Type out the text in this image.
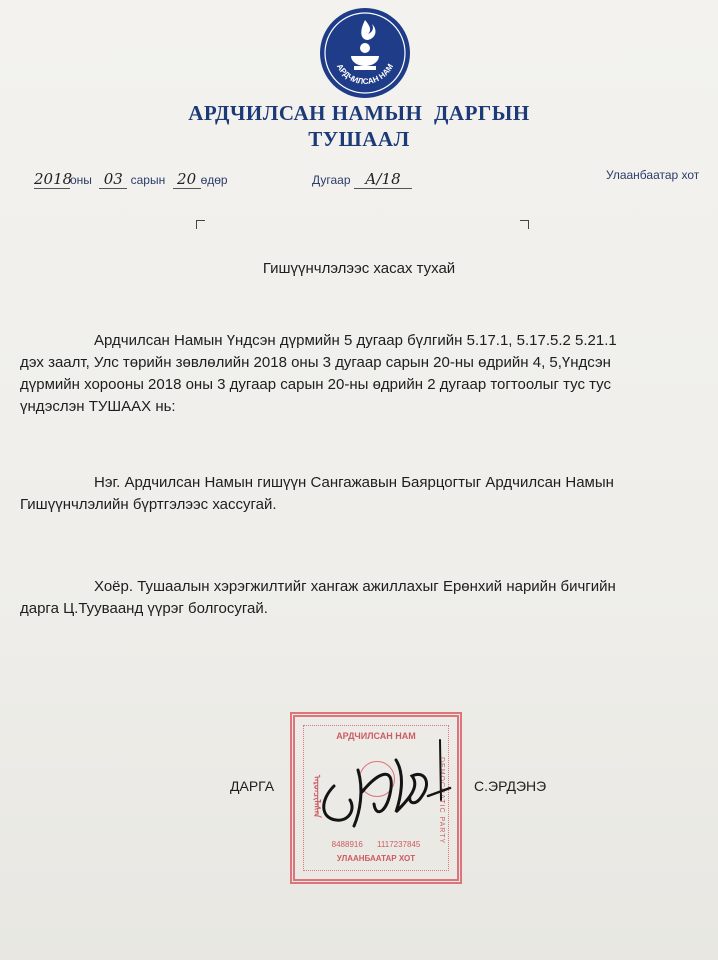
АРДЧИЛСАН НАМ
АРДЧИЛСАН НАМЫН  ДАРГЫН
ТУШААЛ
2018оны 03 сарын 20 өдөр	Дугаар А/18	Улаанбаатар хот
Гишүүнчлэлээс хасах тухай
Ардчилсан Намын Үндсэн дүрмийн 5 дугаар бүлгийн 5.17.1, 5.17.5.2 5.21.1
дэх заалт, Улс төрийн зөвлөлийн 2018 оны 3 дугаар сарын 20-ны өдрийн 4, 5,Үндсэн
дүрмийн хорооны 2018 оны 3 дугаар сарын 20-ны өдрийн 2 дугаар тогтоолыг тус тус
үндэслэн ТУШААХ нь:
Нэг. Ардчилсан Намын гишүүн Сангажавын Баярцогтыг Ардчилсан Намын
Гишүүнчлэлийн бүртгэлээс хассугай.
Хоёр. Тушаалын хэрэгжилтийг хангаж ажиллахыг Ерөнхий нарийн бичгийн
дарга Ц.Тууваанд үүрэг болгосугай.
АРДЧИЛСАН НАМ
ᠠᠷᠳᠴᠢᠯᠠᠰᠠᠨ	DEMOCRATIC PARTY
8488916 1117237845
УЛААНБААТАР ХОТ
ДАРГА	С.ЭРДЭНЭ
